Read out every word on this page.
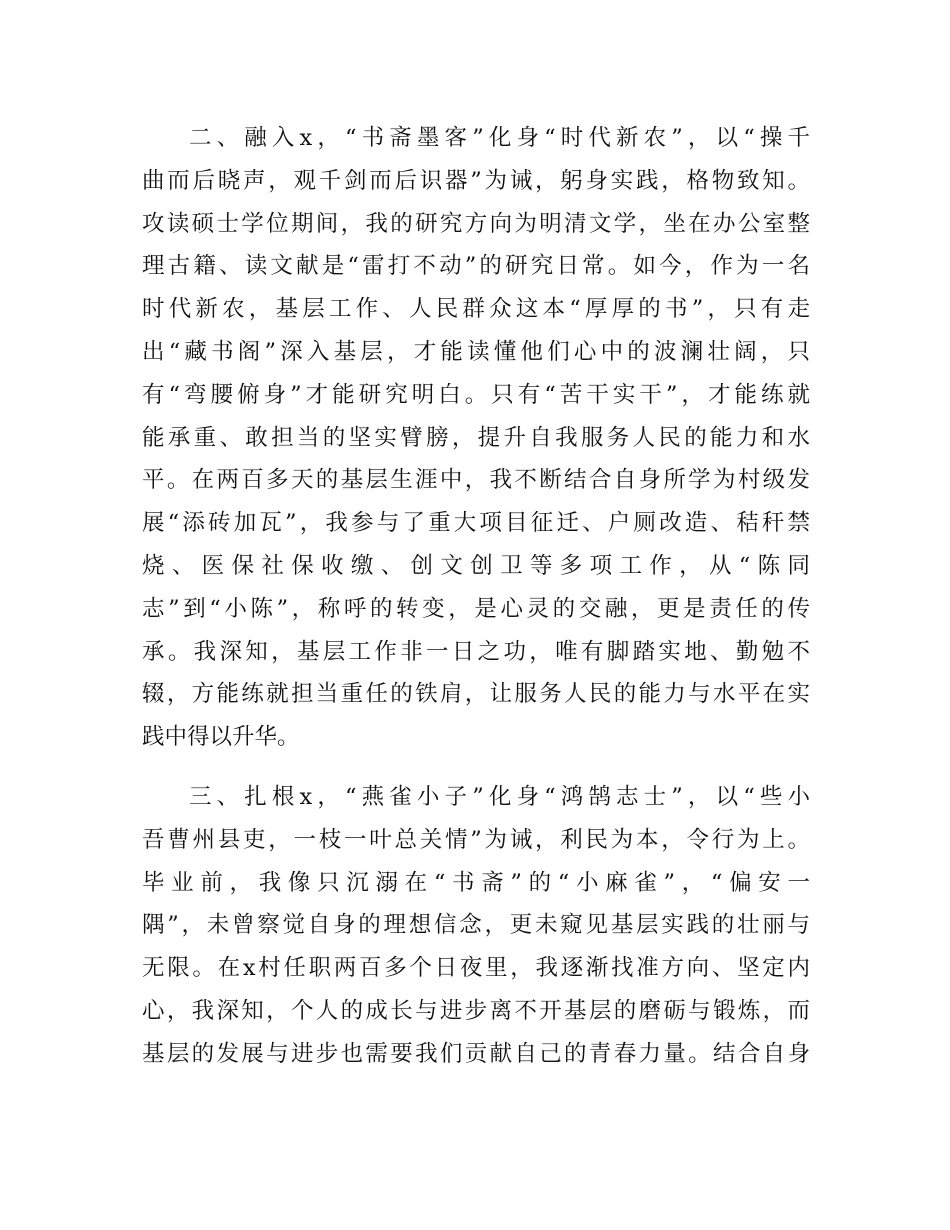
二、融入x，“书斋墨客”化身“时代新农”，以“操千
曲而后晓声，观千剑而后识器”为诫，躬身实践，格物致知。
攻读硕士学位期间，我的研究方向为明清文学，坐在办公室整
理古籍、读文献是“雷打不动”的研究日常。如今，作为一名
时代新农，基层工作、人民群众这本“厚厚的书”，只有走
出“藏书阁”深入基层，才能读懂他们心中的波澜壮阔，只
有“弯腰俯身”才能研究明白。只有“苦干实干”，才能练就
能承重、敢担当的坚实臂膀，提升自我服务人民的能力和水
平。在两百多天的基层生涯中，我不断结合自身所学为村级发
展“添砖加瓦”，我参与了重大项目征迁、户厕改造、秸秆禁
烧、医保社保收缴、创文创卫等多项工作，从“陈同
志”到“小陈”，称呼的转变，是心灵的交融，更是责任的传
承。我深知，基层工作非一日之功，唯有脚踏实地、勤勉不
辍，方能练就担当重任的铁肩，让服务人民的能力与水平在实
践中得以升华。
三、扎根x，“燕雀小子”化身“鸿鹄志士”，以“些小
吾曹州县吏，一枝一叶总关情”为诫，利民为本，令行为上。
毕业前，我像只沉溺在“书斋”的“小麻雀”，“偏安一
隅”，未曾察觉自身的理想信念，更未窥见基层实践的壮丽与
无限。在x村任职两百多个日夜里，我逐渐找准方向、坚定内
心，我深知，个人的成长与进步离不开基层的磨砺与锻炼，而
基层的发展与进步也需要我们贡献自己的青春力量。结合自身
